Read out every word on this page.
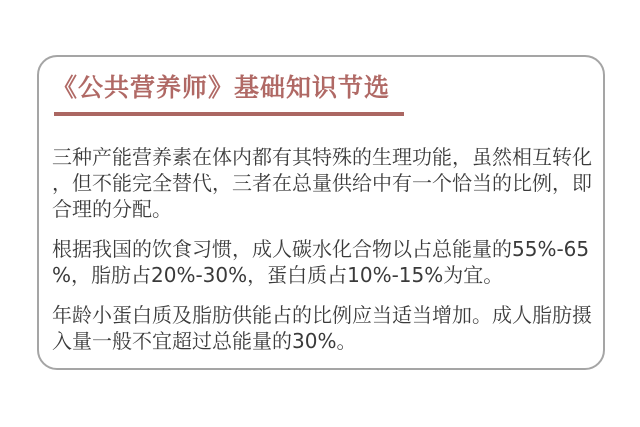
《公共营养师》基础知识节选

三种产能营养素在体内都有其特殊的生理功能，虽然相互转化，但不能完全替代，三者在总量供给中有一个恰当的比例，即合理的分配。

根据我国的饮食习惯，成人碳水化合物以占总能量的55%-65%，脂肪占20%-30%，蛋白质占10%-15%为宜。

年龄小蛋白质及脂肪供能占的比例应当适当增加。成人脂肪摄入量一般不宜超过总能量的30%。
